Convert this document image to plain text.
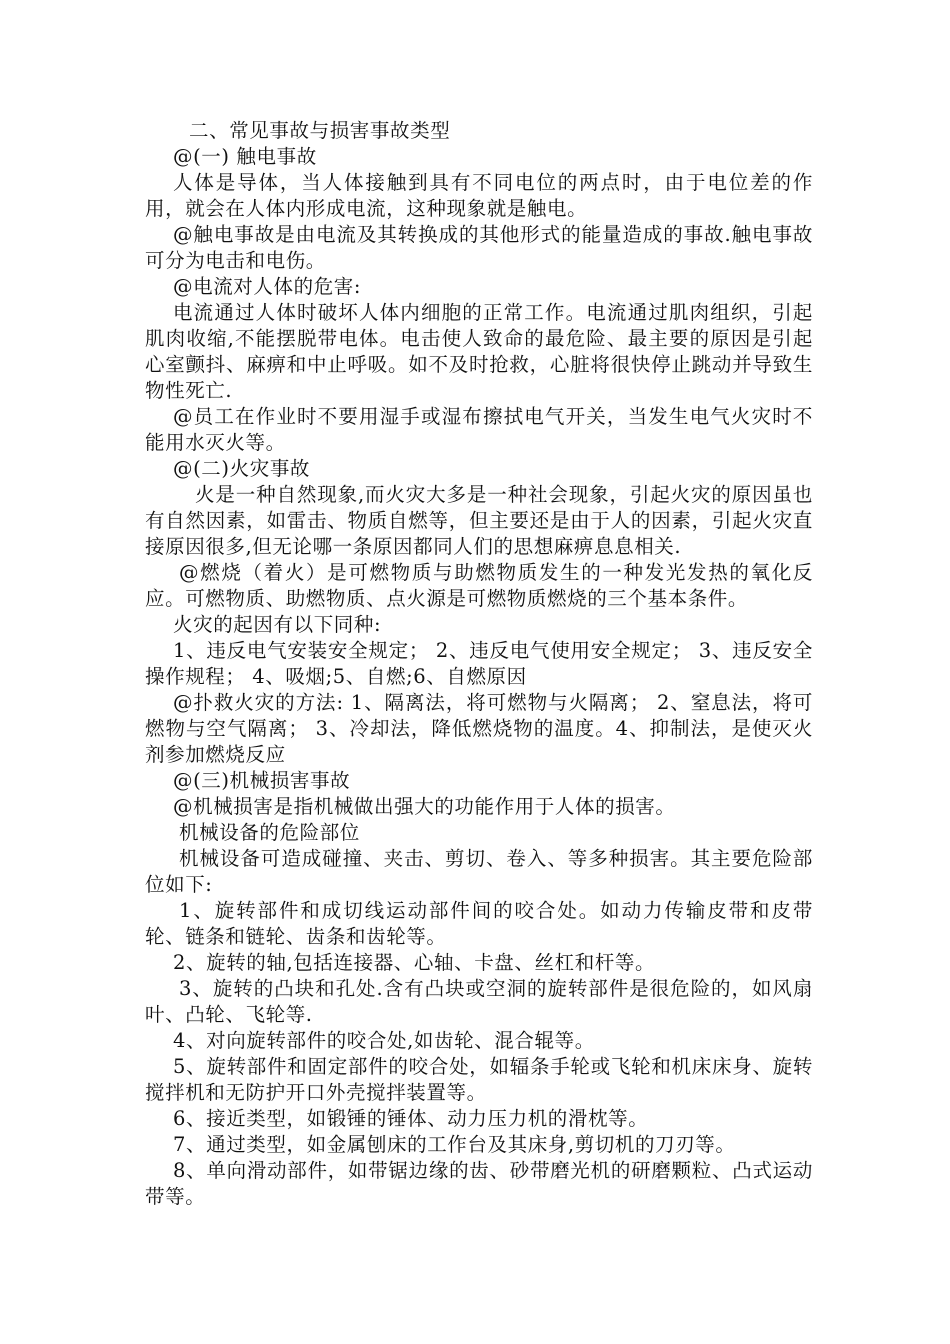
二、常见事故与损害事故类型

@(一) 触电事故

人体是导体，当人体接触到具有不同电位的两点时，由于电位差的作用，就会在人体内形成电流，这种现象就是触电。

@触电事故是由电流及其转换成的其他形式的能量造成的事故.触电事故可分为电击和电伤。

@电流对人体的危害:

电流通过人体时破坏人体内细胞的正常工作。电流通过肌肉组织，引起肌肉收缩,不能摆脱带电体。电击使人致命的最危险、最主要的原因是引起心室颤抖、麻痹和中止呼吸。如不及时抢救，心脏将很快停止跳动并导致生物性死亡.

@员工在作业时不要用湿手或湿布擦拭电气开关，当发生电气火灾时不能用水灭火等。

@(二)火灾事故

火是一种自然现象,而火灾大多是一种社会现象，引起火灾的原因虽也有自然因素，如雷击、物质自燃等，但主要还是由于人的因素，引起火灾直接原因很多,但无论哪一条原因都同人们的思想麻痹息息相关.

@燃烧（着火）是可燃物质与助燃物质发生的一种发光发热的氧化反应。可燃物质、助燃物质、点火源是可燃物质燃烧的三个基本条件。

火灾的起因有以下同种:

1、违反电气安装安全规定； 2、违反电气使用安全规定； 3、违反安全操作规程； 4、吸烟;5、自燃;6、自燃原因

@扑救火灾的方法: 1、隔离法，将可燃物与火隔离； 2、窒息法，将可燃物与空气隔离； 3、冷却法，降低燃烧物的温度。4、抑制法，是使灭火剂参加燃烧反应

@(三)机械损害事故

@机械损害是指机械做出强大的功能作用于人体的损害。

机械设备的危险部位

机械设备可造成碰撞、夹击、剪切、卷入、等多种损害。其主要危险部位如下:

1、旋转部件和成切线运动部件间的咬合处。如动力传输皮带和皮带轮、链条和链轮、齿条和齿轮等。

2、旋转的轴,包括连接器、心轴、卡盘、丝杠和杆等。

3、旋转的凸块和孔处.含有凸块或空洞的旋转部件是很危险的，如风扇叶、凸轮、飞轮等.

4、对向旋转部件的咬合处,如齿轮、混合辊等。

5、旋转部件和固定部件的咬合处，如辐条手轮或飞轮和机床床身、旋转搅拌机和无防护开口外壳搅拌装置等。

6、接近类型，如锻锤的锤体、动力压力机的滑枕等。

7、通过类型，如金属刨床的工作台及其床身,剪切机的刀刃等。

8、单向滑动部件，如带锯边缘的齿、砂带磨光机的研磨颗粒、凸式运动带等。
